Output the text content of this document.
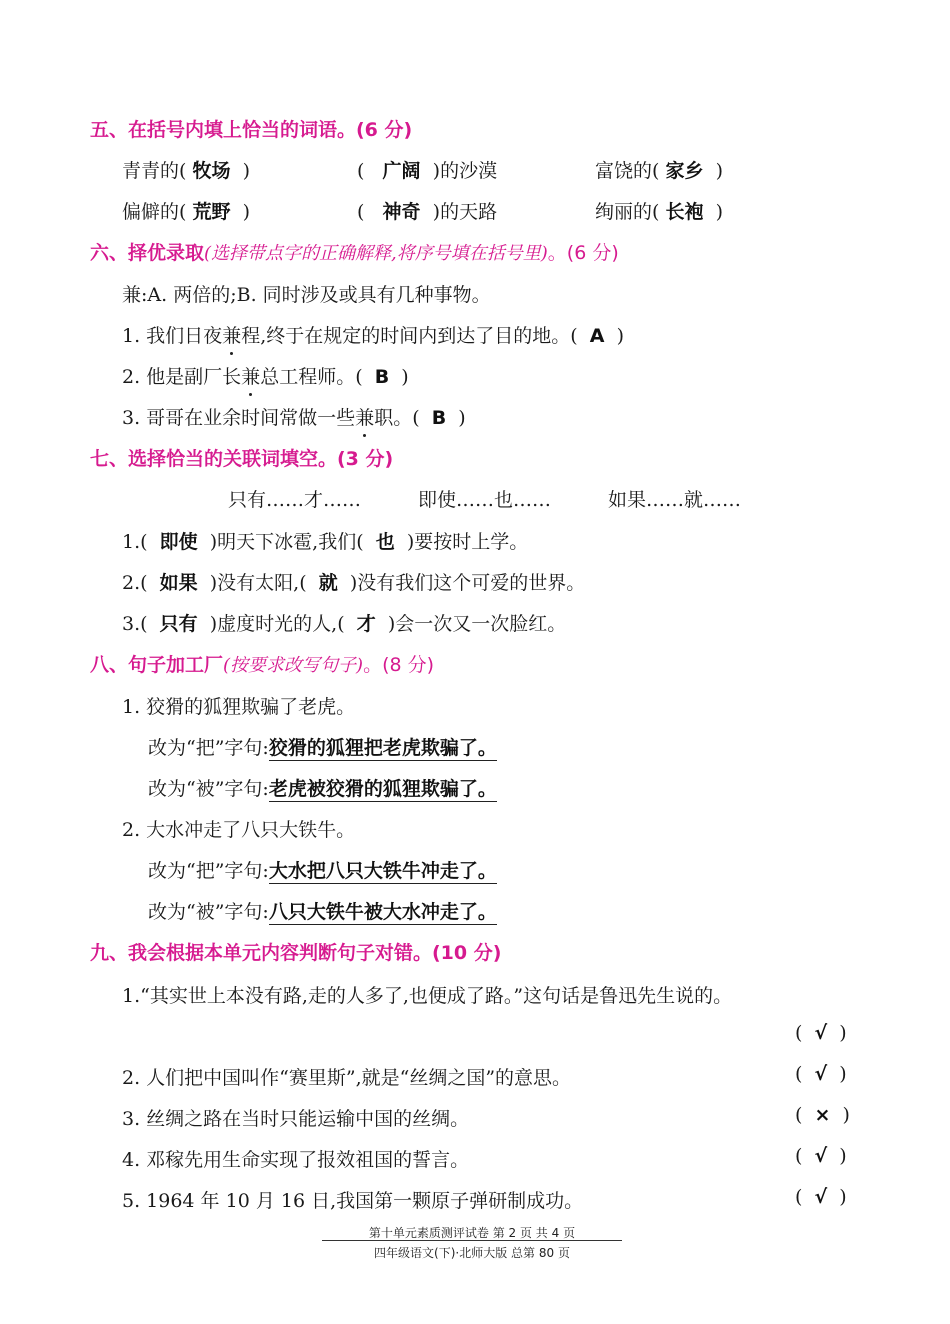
五、在括号内填上恰当的词语。(6 分)
青青的( 牧场 )	( 广阔 )的沙漠	富饶的( 家乡 )
偏僻的( 荒野 )	( 神奇 )的天路	绚丽的( 长袍 )
六、择优录取(选择带点字的正确解释,将序号填在括号里)。(6 分)
兼:A. 两倍的;B. 同时涉及或具有几种事物。
1. 我们日夜兼程,终于在规定的时间内到达了目的地。( A )
2. 他是副厂长兼总工程师。( B )
3. 哥哥在业余时间常做一些兼职。( B )
七、选择恰当的关联词填空。(3 分)
只有……才……	即使……也……	如果……就……
1.( 即使 )明天下冰雹,我们( 也 )要按时上学。
2.( 如果 )没有太阳,( 就 )没有我们这个可爱的世界。
3.( 只有 )虚度时光的人,( 才 )会一次又一次脸红。
八、句子加工厂(按要求改写句子)。(8 分)
1. 狡猾的狐狸欺骗了老虎。
改为“把”字句:狡猾的狐狸把老虎欺骗了。
改为“被”字句:老虎被狡猾的狐狸欺骗了。
2. 大水冲走了八只大铁牛。
改为“把”字句:大水把八只大铁牛冲走了。
改为“被”字句:八只大铁牛被大水冲走了。
九、我会根据本单元内容判断句子对错。(10 分)
1.“其实世上本没有路,走的人多了,也便成了路。”这句话是鲁迅先生说的。
(  √  )
2. 人们把中国叫作“赛里斯”,就是“丝绸之国”的意思。	(  √  )
3. 丝绸之路在当时只能运输中国的丝绸。	(  ×  )
4. 邓稼先用生命实现了报效祖国的誓言。	(  √  )
5. 1964 年 10 月 16 日,我国第一颗原子弹研制成功。	(  √  )
第十单元素质测评试卷 第 2 页 共 4 页
四年级语文(下)·北师大版 总第 80 页
